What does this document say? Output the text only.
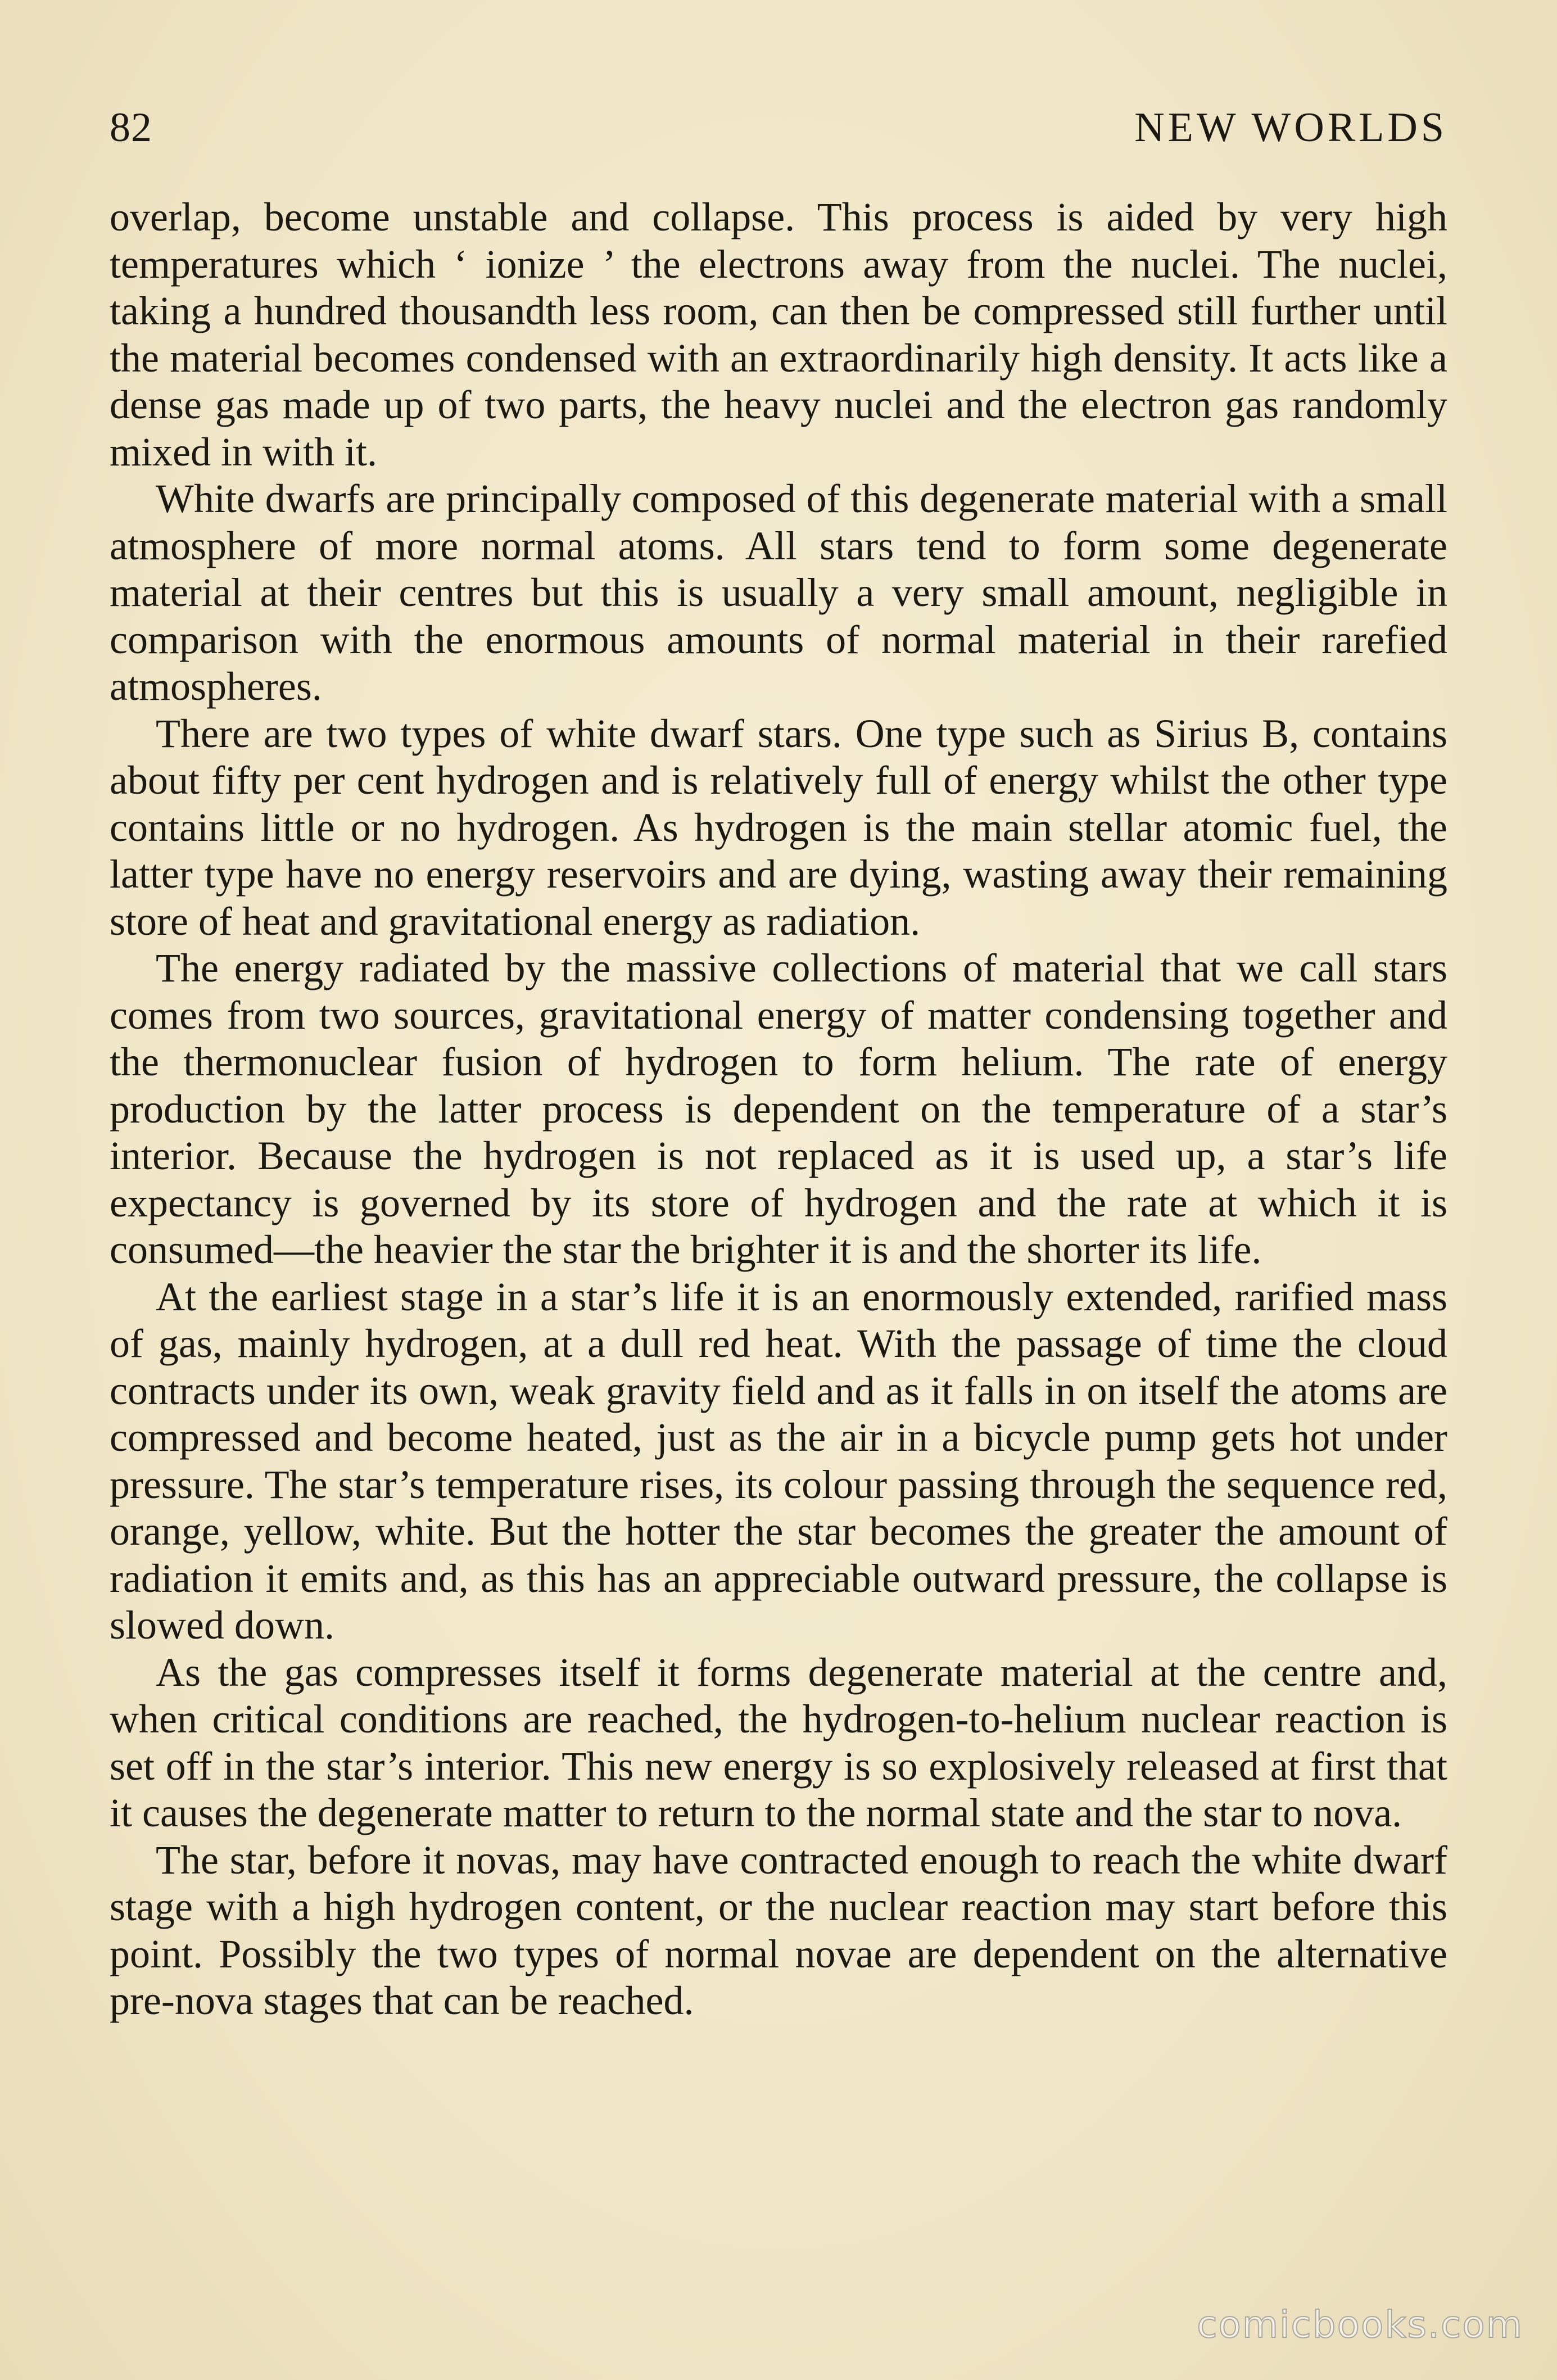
82	NEW WORLDS

overlap, become unstable and collapse. This process is aided by very high temperatures which ‘ ionize ’ the electrons away from the nuclei. The nuclei, taking a hundred thousandth less room, can then be compressed still further until the material becomes condensed with an extraordinarily high density. It acts like a dense gas made up of two parts, the heavy nuclei and the electron gas randomly mixed in with it.

White dwarfs are principally composed of this degenerate material with a small atmosphere of more normal atoms. All stars tend to form some degenerate material at their centres but this is usually a very small amount, negligible in comparison with the enormous amounts of normal material in their rarefied atmospheres.

There are two types of white dwarf stars. One type such as Sirius B, contains about fifty per cent hydrogen and is relatively full of energy whilst the other type contains little or no hydrogen. As hydrogen is the main stellar atomic fuel, the latter type have no energy reservoirs and are dying, wasting away their remaining store of heat and gravitational energy as radiation.

The energy radiated by the massive collections of material that we call stars comes from two sources, gravitational energy of matter condensing together and the thermonuclear fusion of hydrogen to form helium. The rate of energy production by the latter process is dependent on the temperature of a star’s interior. Because the hydrogen is not replaced as it is used up, a star’s life expectancy is governed by its store of hydrogen and the rate at which it is consumed—the heavier the star the brighter it is and the shorter its life.

At the earliest stage in a star’s life it is an enormously extended, rarified mass of gas, mainly hydrogen, at a dull red heat. With the passage of time the cloud contracts under its own, weak gravity field and as it falls in on itself the atoms are compressed and become heated, just as the air in a bicycle pump gets hot under pressure. The star’s temperature rises, its colour passing through the sequence red, orange, yellow, white. But the hotter the star becomes the greater the amount of radiation it emits and, as this has an appreciable outward pressure, the collapse is slowed down.

As the gas compresses itself it forms degenerate material at the centre and, when critical conditions are reached, the hydrogen-to-helium nuclear reaction is set off in the star’s interior. This new energy is so explosively released at first that it causes the degenerate matter to return to the normal state and the star to nova.

The star, before it novas, may have contracted enough to reach the white dwarf stage with a high hydrogen content, or the nuclear reaction may start before this point. Possibly the two types of normal novae are dependent on the alternative pre-nova stages that can be reached.

comicbooks.com
